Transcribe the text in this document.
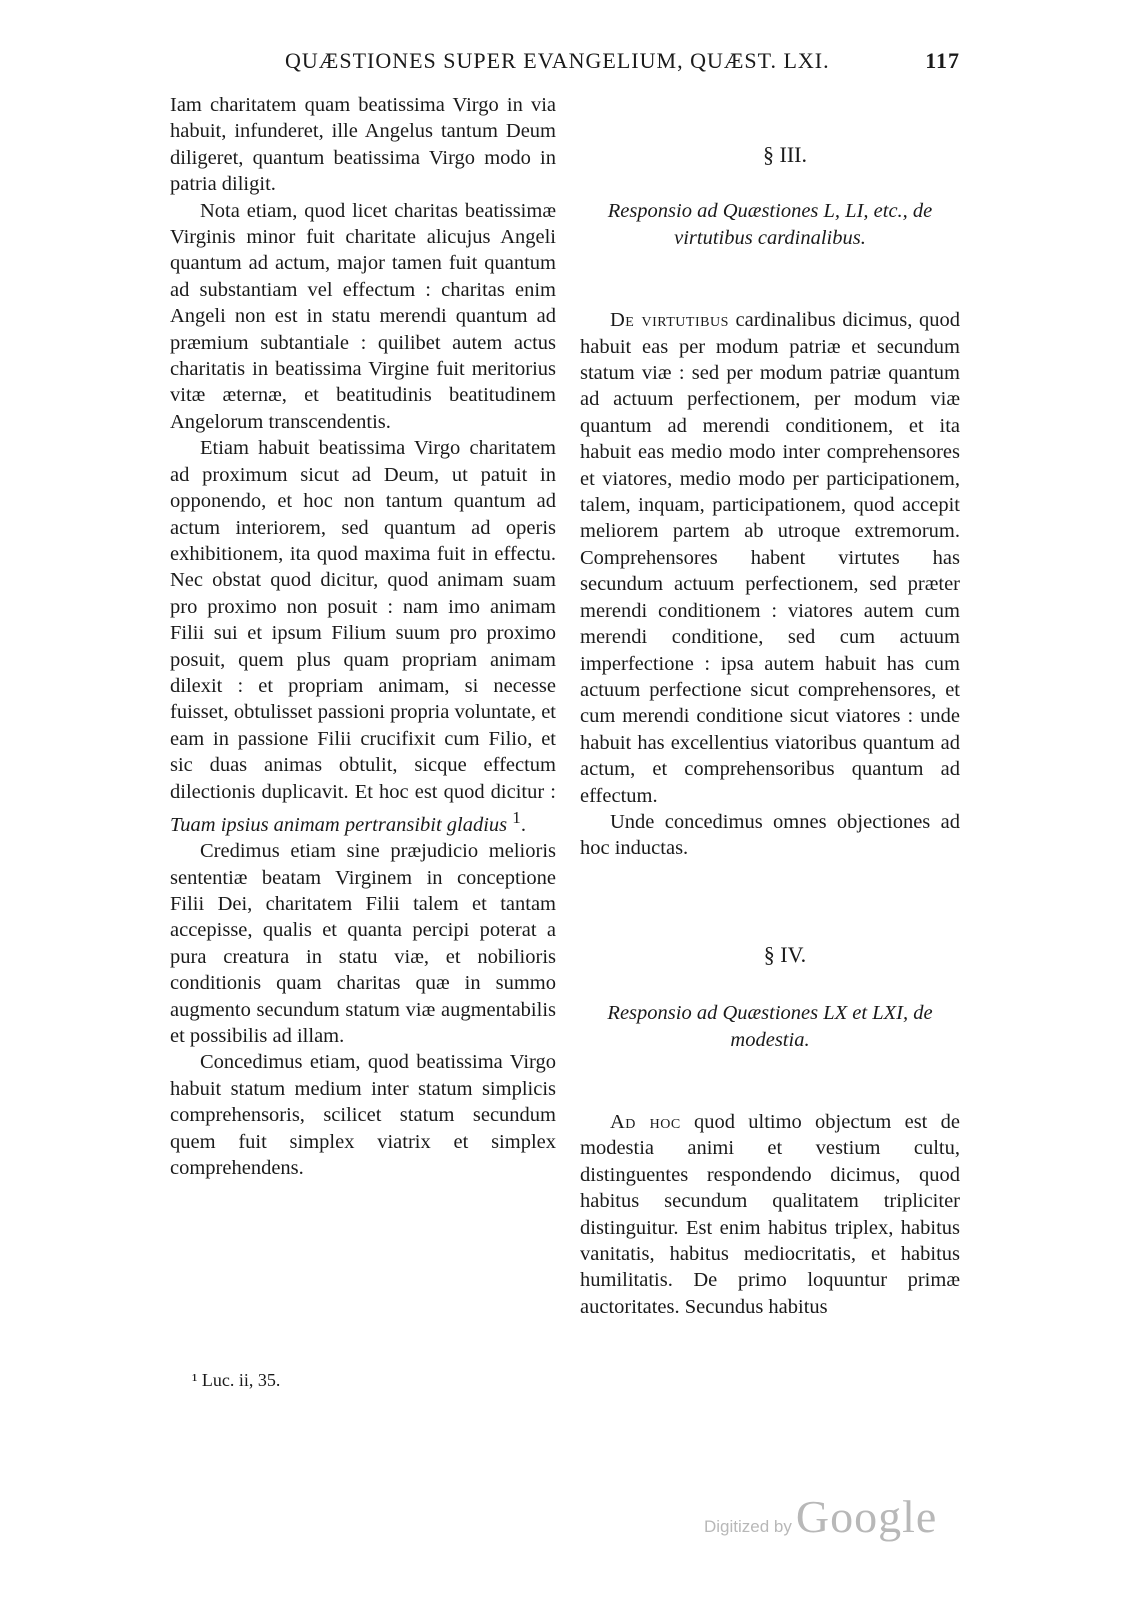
QUÆSTIONES SUPER EVANGELIUM, QUÆST. LXI.	117

Iam charitatem quam beatissima Virgo in via habuit, infunderet, ille Angelus tantum Deum diligeret, quantum beatissima Virgo modo in patria diligit.

Nota etiam, quod licet charitas beatissimæ Virginis minor fuit charitate alicujus Angeli quantum ad actum, major tamen fuit quantum ad substantiam vel effectum : charitas enim Angeli non est in statu merendi quantum ad præmium subtantiale : quilibet autem actus charitatis in beatissima Virgine fuit meritorius vitæ æternæ, et beatitudinis beatitudinem Angelorum transcendentis.

Etiam habuit beatissima Virgo charitatem ad proximum sicut ad Deum, ut patuit in opponendo, et hoc non tantum quantum ad actum interiorem, sed quantum ad operis exhibitionem, ita quod maxima fuit in effectu. Nec obstat quod dicitur, quod animam suam pro proximo non posuit : nam imo animam Filii sui et ipsum Filium suum pro proximo posuit, quem plus quam propriam animam dilexit : et propriam animam, si necesse fuisset, obtulisset passioni propria voluntate, et eam in passione Filii crucifixit cum Filio, et sic duas animas obtulit, sicque effectum dilectionis duplicavit. Et hoc est quod dicitur : Tuam ipsius animam pertransibit gladius $^1$.

Credimus etiam sine præjudicio melioris sententiæ beatam Virginem in conceptione Filii Dei, charitatem Filii talem et tantam accepisse, qualis et quanta percipi poterat a pura creatura in statu viæ, et nobilioris conditionis quam charitas quæ in summo augmento secundum statum viæ augmentabilis et possibilis ad illam.

Concedimus etiam, quod beatissima Virgo habuit statum medium inter statum simplicis comprehensoris, scilicet statum secundum quem fuit simplex viatrix et simplex comprehendens.

§ III.

Responsio ad Quæstiones L, LI, etc., de virtutibus cardinalibus.

De virtutibus cardinalibus dicimus, quod habuit eas per modum patriæ et secundum statum viæ : sed per modum patriæ quantum ad actuum perfectionem, per modum viæ quantum ad merendi conditionem, et ita habuit eas medio modo inter comprehensores et viatores, medio modo per participationem, talem, inquam, participationem, quod accepit meliorem partem ab utroque extremorum. Comprehensores habent virtutes has secundum actuum perfectionem, sed præter merendi conditionem : viatores autem cum merendi conditione, sed cum actuum imperfectione : ipsa autem habuit has cum actuum perfectione sicut comprehensores, et cum merendi conditione sicut viatores : unde habuit has excellentius viatoribus quantum ad actum, et comprehensoribus quantum ad effectum.

Unde concedimus omnes objectiones ad hoc inductas.

§ IV.

Responsio ad Quæstiones LX et LXI, de modestia.

Ad hoc quod ultimo objectum est de modestia animi et vestium cultu, distinguentes respondendo dicimus, quod habitus secundum qualitatem tripliciter distinguitur. Est enim habitus triplex, habitus vanitatis, habitus mediocritatis, et habitus humilitatis. De primo loquuntur primæ auctoritates. Secundus habitus

¹ Luc. ii, 35.
Digitized by Google
